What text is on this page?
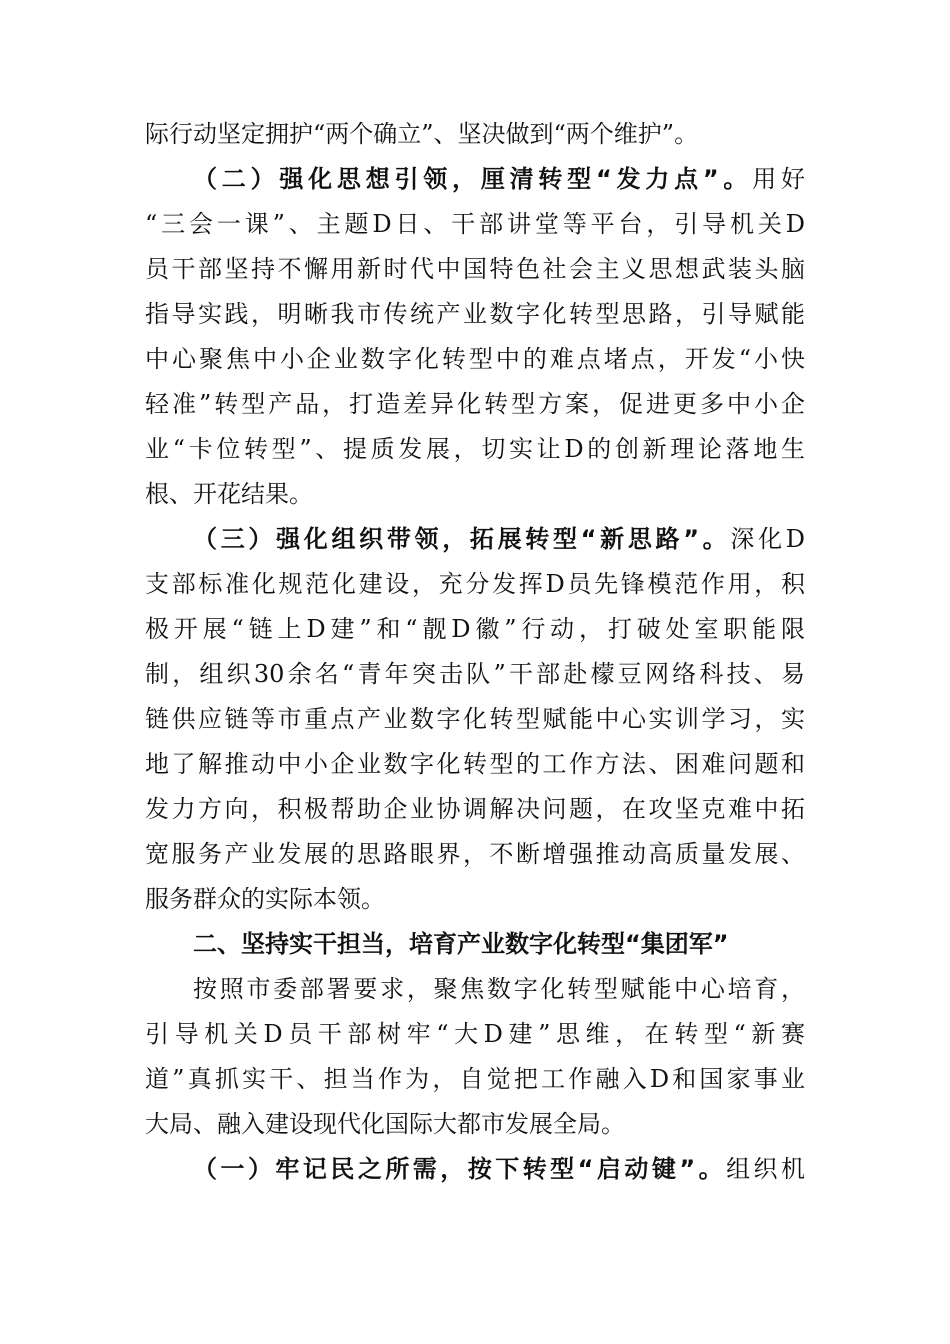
际行动坚定拥护“两个确立”、坚决做到“两个维护”。
（二）强化思想引领，厘清转型“发力点”。用好
“三会一课”、主题D日、干部讲堂等平台，引导机关D
员干部坚持不懈用新时代中国特色社会主义思想武装头脑
指导实践，明晰我市传统产业数字化转型思路，引导赋能
中心聚焦中小企业数字化转型中的难点堵点，开发“小快
轻准”转型产品，打造差异化转型方案，促进更多中小企
业“卡位转型”、提质发展，切实让D的创新理论落地生
根、开花结果。
（三）强化组织带领，拓展转型“新思路”。深化D
支部标准化规范化建设，充分发挥D员先锋模范作用，积
极开展“链上D建”和“靓D徽”行动，打破处室职能限
制，组织30余名“青年突击队”干部赴檬豆网络科技、易
链供应链等市重点产业数字化转型赋能中心实训学习，实
地了解推动中小企业数字化转型的工作方法、困难问题和
发力方向，积极帮助企业协调解决问题，在攻坚克难中拓
宽服务产业发展的思路眼界，不断增强推动高质量发展、
服务群众的实际本领。
二、坚持实干担当，培育产业数字化转型“集团军”
按照市委部署要求，聚焦数字化转型赋能中心培育，
引导机关D员干部树牢“大D建”思维，在转型“新赛
道”真抓实干、担当作为，自觉把工作融入D和国家事业
大局、融入建设现代化国际大都市发展全局。
（一）牢记民之所需，按下转型“启动键”。组织机
